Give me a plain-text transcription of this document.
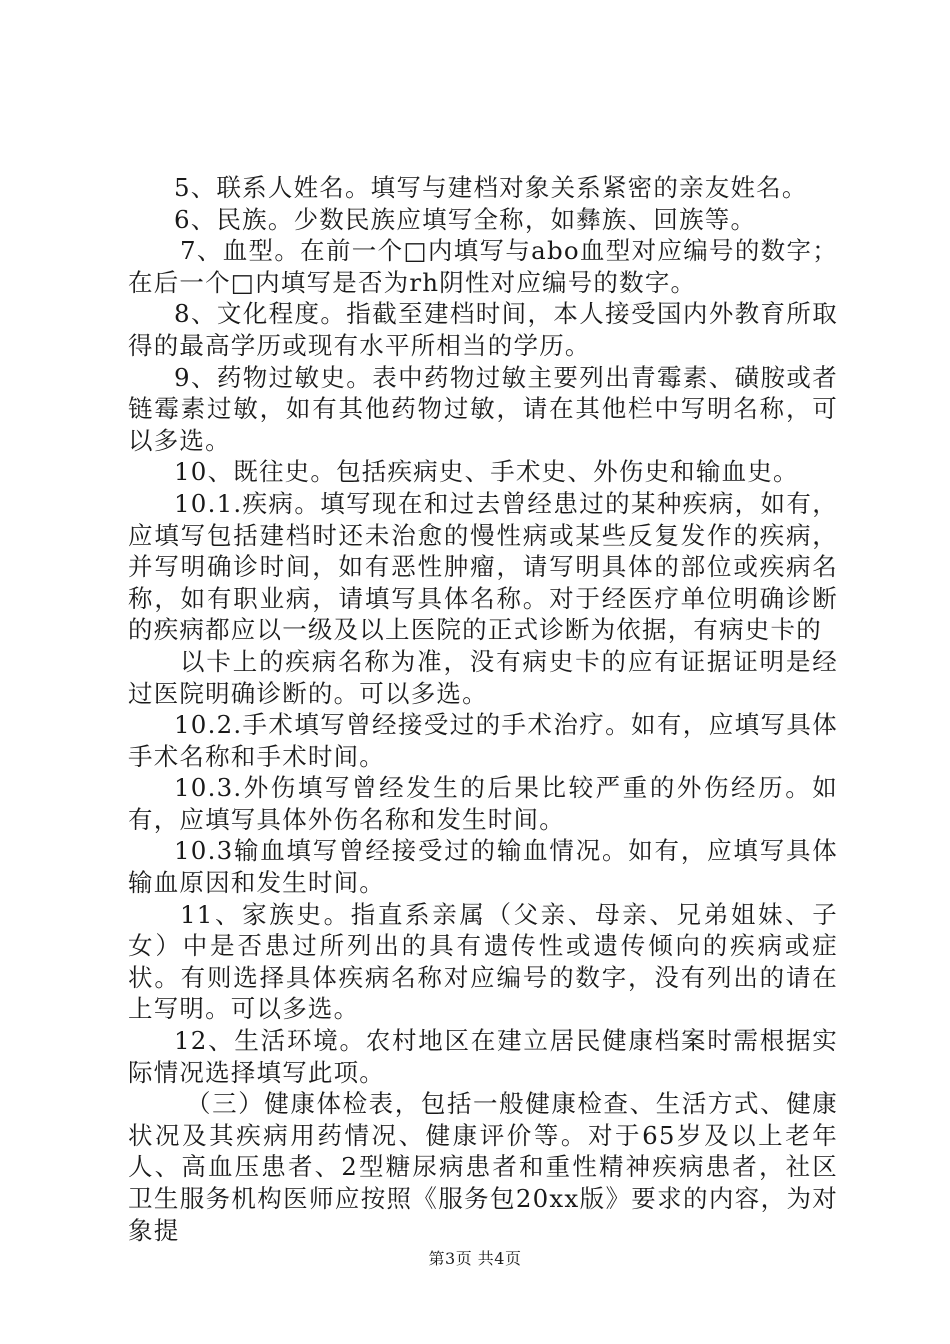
5、联系人姓名。填写与建档对象关系紧密的亲友姓名。

6、民族。少数民族应填写全称，如彝族、回族等。

7、血型。在前一个□内填写与abo血型对应编号的数字；在后一个□内填写是否为rh阴性对应编号的数字。

8、文化程度。指截至建档时间，本人接受国内外教育所取得的最高学历或现有水平所相当的学历。

9、药物过敏史。表中药物过敏主要列出青霉素、磺胺或者链霉素过敏，如有其他药物过敏，请在其他栏中写明名称，可以多选。

10、既往史。包括疾病史、手术史、外伤史和输血史。

10.1.疾病。填写现在和过去曾经患过的某种疾病，如有，应填写包括建档时还未治愈的慢性病或某些反复发作的疾病，并写明确诊时间，如有恶性肿瘤，请写明具体的部位或疾病名称，如有职业病，请填写具体名称。对于经医疗单位明确诊断的疾病都应以一级及以上医院的正式诊断为依据，有病史卡的

以卡上的疾病名称为准，没有病史卡的应有证据证明是经过医院明确诊断的。可以多选。

10.2.手术填写曾经接受过的手术治疗。如有，应填写具体手术名称和手术时间。

10.3.外伤填写曾经发生的后果比较严重的外伤经历。如有，应填写具体外伤名称和发生时间。

10.3输血填写曾经接受过的输血情况。如有，应填写具体输血原因和发生时间。

11、家族史。指直系亲属（父亲、母亲、兄弟姐妹、子女）中是否患过所列出的具有遗传性或遗传倾向的疾病或症状。有则选择具体疾病名称对应编号的数字，没有列出的请在上写明。可以多选。

12、生活环境。农村地区在建立居民健康档案时需根据实际情况选择填写此项。

（三）健康体检表，包括一般健康检查、生活方式、健康状况及其疾病用药情况、健康评价等。对于65岁及以上老年人、高血压患者、2型糖尿病患者和重性精神疾病患者，社区卫生服务机构医师应按照《服务包20xx版》要求的内容，为对象提

第3页 共4页
